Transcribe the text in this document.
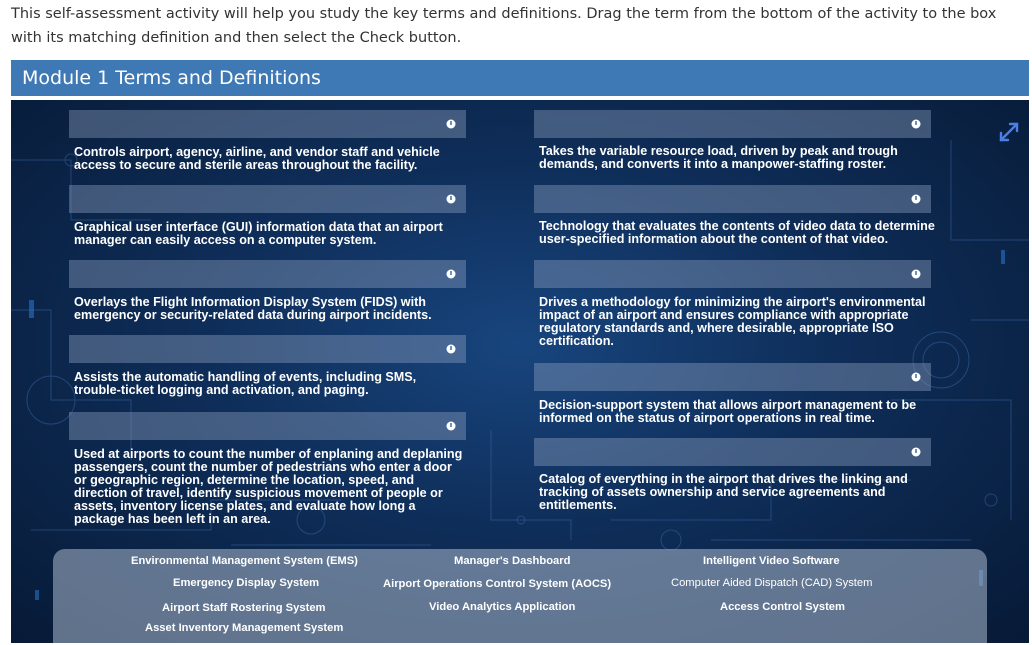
This self-assessment activity will help you study the key terms and definitions. Drag the term from the bottom of the activity to the box with its matching definition and then select the Check button.
Module 1 Terms and Definitions
Controls airport, agency, airline, and vendor staff and vehicle access to secure and sterile areas throughout the facility.
Graphical user interface (GUI) information data that an airport manager can easily access on a computer system.
Overlays the Flight Information Display System (FIDS) with emergency or security-related data during airport incidents.
Assists the automatic handling of events, including SMS, trouble-ticket logging and activation, and paging.
Used at airports to count the number of enplaning and deplaning passengers, count the number of pedestrians who enter a door or geographic region, determine the location, speed, and direction of travel, identify suspicious movement of people or assets, inventory license plates, and evaluate how long a package has been left in an area.
Takes the variable resource load, driven by peak and trough demands, and converts it into a manpower-staffing roster.
Technology that evaluates the contents of video data to determine user-specified information about the content of that video.
Drives a methodology for minimizing the airport's environmental impact of an airport and ensures compliance with appropriate regulatory standards and, where desirable, appropriate ISO certification.
Decision-support system that allows airport management to be informed on the status of airport operations in real time.
Catalog of everything in the airport that drives the linking and tracking of assets ownership and service agreements and entitlements.
Environmental Management System (EMS)	Manager's Dashboard	Intelligent Video Software
Emergency Display System	Airport Operations Control System (AOCS)	Computer Aided Dispatch (CAD) System
Airport Staff Rostering System	Video Analytics Application	Access Control System
Asset Inventory Management System
